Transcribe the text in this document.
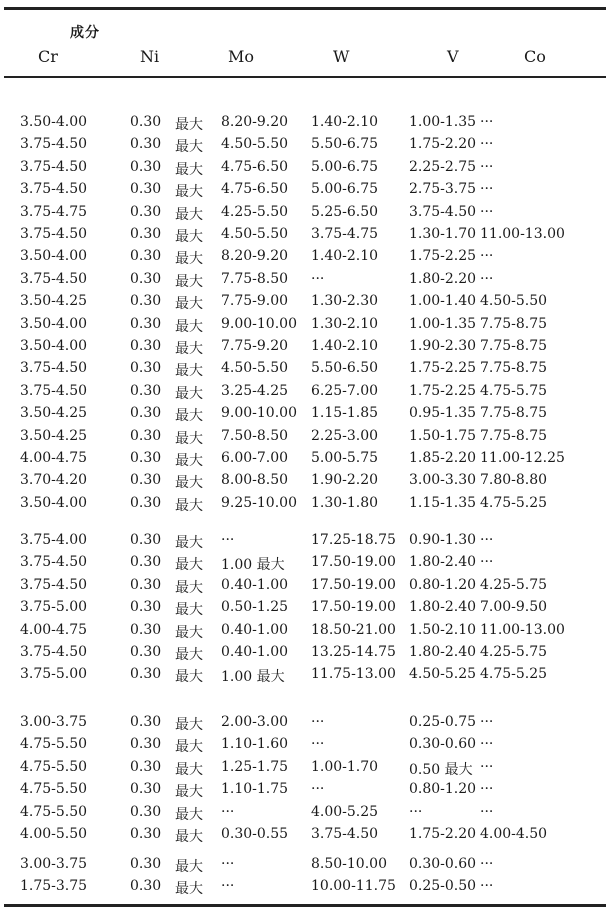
成分
Cr	Ni	Mo	W	V	Co
3.50-4.00	0.30 最大 8.20-9.20 1.40-2.10 1.00-1.35 ···
3.75-4.50	0.30 最大 4.50-5.50 5.50-6.75 1.75-2.20 ···
3.75-4.50	0.30 最大 4.75-6.50 5.00-6.75 2.25-2.75 ···
3.75-4.50	0.30 最大 4.75-6.50 5.00-6.75 2.75-3.75 ···
3.75-4.75	0.30 最大 4.25-5.50 5.25-6.50 3.75-4.50 ···
3.75-4.50	0.30 最大 4.50-5.50 3.75-4.75 1.30-1.70 11.00-13.00
3.50-4.00	0.30 最大 8.20-9.20 1.40-2.10 1.75-2.25 ···
3.75-4.50	0.30 最大 7.75-8.50 ···	1.80-2.20 ···
3.50-4.25	0.30 最大 7.75-9.00 1.30-2.30 1.00-1.40 4.50-5.50
3.50-4.00	0.30 最大 9.00-10.00 1.30-2.10 1.00-1.35 7.75-8.75
3.50-4.00	0.30 最大 7.75-9.20 1.40-2.10 1.90-2.30 7.75-8.75
3.75-4.50	0.30 最大 4.50-5.50 5.50-6.50 1.75-2.25 7.75-8.75
3.75-4.50	0.30 最大 3.25-4.25 6.25-7.00 1.75-2.25 4.75-5.75
3.50-4.25	0.30 最大 9.00-10.00 1.15-1.85 0.95-1.35 7.75-8.75
3.50-4.25	0.30 最大 7.50-8.50 2.25-3.00 1.50-1.75 7.75-8.75
4.00-4.75	0.30 最大 6.00-7.00 5.00-5.75 1.85-2.20 11.00-12.25
3.70-4.20	0.30 最大 8.00-8.50 1.90-2.20 3.00-3.30 7.80-8.80
3.50-4.00	0.30 最大 9.25-10.00 1.30-1.80 1.15-1.35 4.75-5.25
3.75-4.00	0.30 最大 ···	17.25-18.75 0.90-1.30 ···
3.75-4.50	0.30 最大 1.00 最大 17.50-19.00 1.80-2.40 ···
3.75-4.50	0.30 最大 0.40-1.00 17.50-19.00 0.80-1.20 4.25-5.75
3.75-5.00	0.30 最大 0.50-1.25 17.50-19.00 1.80-2.40 7.00-9.50
4.00-4.75	0.30 最大 0.40-1.00 18.50-21.00 1.50-2.10 11.00-13.00
3.75-4.50	0.30 最大 0.40-1.00 13.25-14.75 1.80-2.40 4.25-5.75
3.75-5.00	0.30 最大 1.00 最大 11.75-13.00 4.50-5.25 4.75-5.25
3.00-3.75	0.30 最大 2.00-3.00 ···	0.25-0.75 ···
4.75-5.50	0.30 最大 1.10-1.60 ···	0.30-0.60 ···
4.75-5.50	0.30 最大 1.25-1.75 1.00-1.70 0.50 最大 ···
4.75-5.50	0.30 最大 1.10-1.75 ···	0.80-1.20 ···
4.75-5.50	0.30 最大 ···	4.00-5.25 ···	···
4.00-5.50	0.30 最大 0.30-0.55 3.75-4.50 1.75-2.20 4.00-4.50
3.00-3.75	0.30 最大 ···	8.50-10.00 0.30-0.60 ···
1.75-3.75	0.30 最大 ···	10.00-11.75 0.25-0.50 ···
